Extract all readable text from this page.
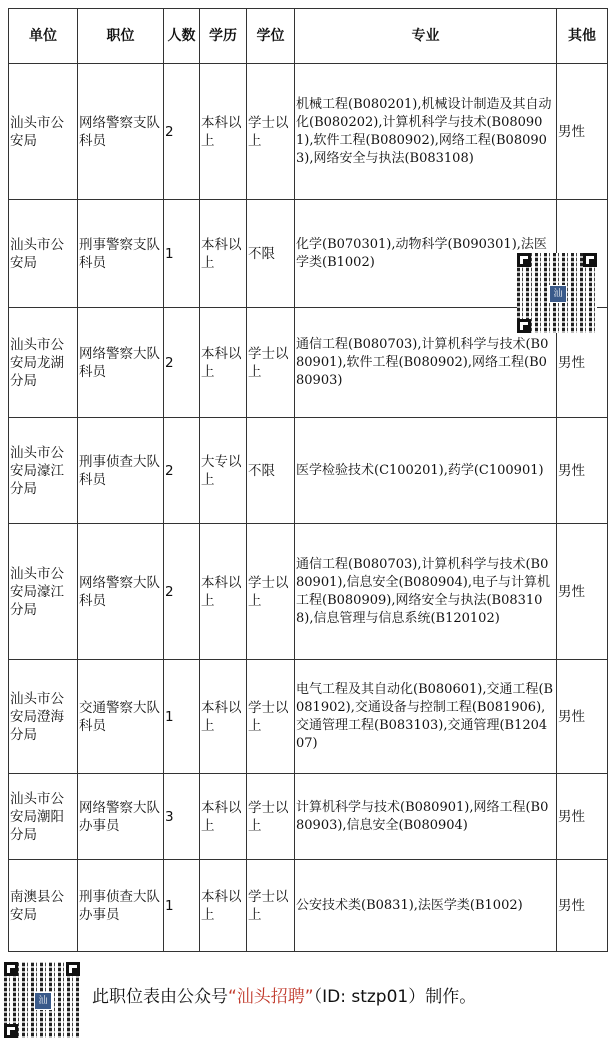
单位	职位	人数	学历	学位	专业	其他
汕头市公安局	网络警察支队科员	2	本科以上	学士以上	机械工程(B080201),机械设计制造及其自动化(B080202),计算机科学与技术(B080901),软件工程(B080902),网络工程(B080903),网络安全与执法(B083108)	男性
汕头市公安局	刑事警察支队科员	1	本科以上	不限	化学(B070301),动物科学(B090301),法医学类(B1002)	
汕头市公安局龙湖分局	网络警察大队科员	2	本科以上	学士以上	通信工程(B080703),计算机科学与技术(B080901),软件工程(B080902),网络工程(B080903)	男性
汕头市公安局濠江分局	刑事侦查大队科员	2	大专以上	不限	医学检验技术(C100201),药学(C100901)	男性
汕头市公安局濠江分局	网络警察大队科员	2	本科以上	学士以上	通信工程(B080703),计算机科学与技术(B080901),信息安全(B080904),电子与计算机工程(B080909),网络安全与执法(B083108),信息管理与信息系统(B120102)	男性
汕头市公安局澄海分局	交通警察大队科员	1	本科以上	学士以上	电气工程及其自动化(B080601),交通工程(B081902),交通设备与控制工程(B081906),交通管理工程(B083103),交通管理(B120407)	男性
汕头市公安局潮阳分局	网络警察大队办事员	3	本科以上	学士以上	计算机科学与技术(B080901),网络工程(B080903),信息安全(B080904)	男性
南澳县公安局	刑事侦查大队办事员	1	本科以上	学士以上	公安技术类(B0831),法医学类(B1002)	男性
汕
汕	此职位表由公众号“汕头招聘”（ID: stzp01）制作。
